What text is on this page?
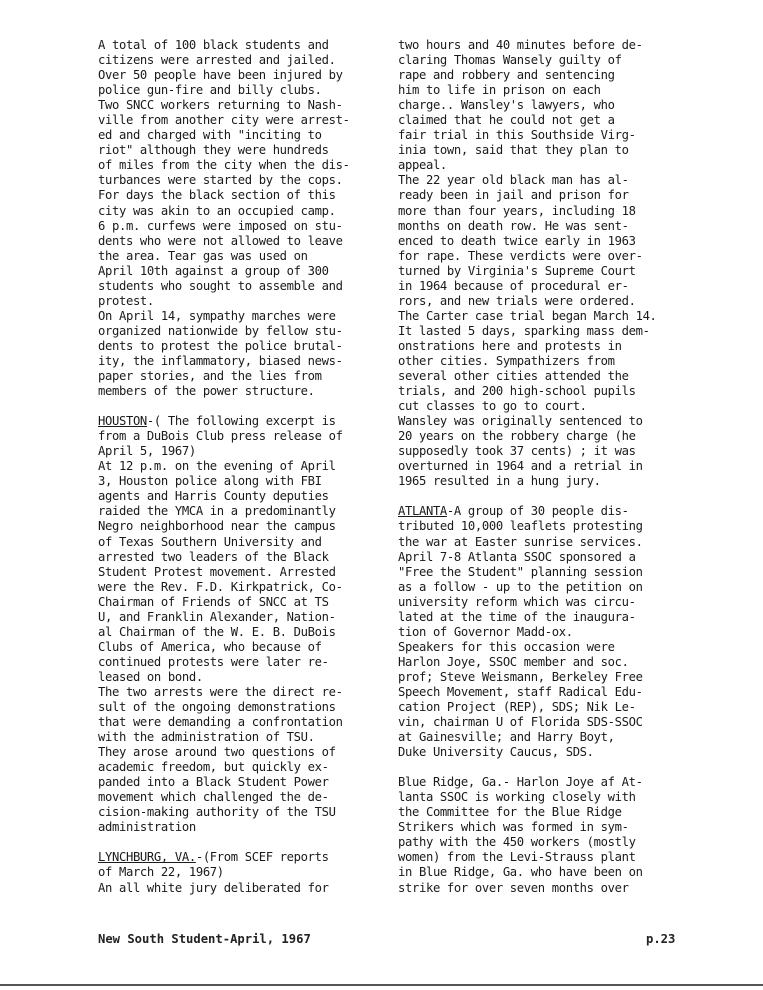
A total of 100 black students and

citizens were arrested and jailed.

Over 50 people have been injured by

police gun-fire and billy clubs.

Two SNCC workers returning to Nash-

ville from another city were arrest-

ed and charged with "inciting to

riot" although they were hundreds

of miles from the city when the dis-

turbances were started by the cops.

For days the black section of this

city was akin to an occupied camp.

6 p.m. curfews were imposed on stu-

dents who were not allowed to leave

the area. Tear gas was used on

April 10th against a group of 300

students who sought to assemble and

protest.

On April 14, sympathy marches were

organized nationwide by fellow stu-

dents to protest the police brutal-

ity, the inflammatory, biased news-

paper stories, and the lies from

members of the power structure.

HOUSTON-( The following excerpt is

from a DuBois Club press release of

April 5, 1967)

At 12 p.m. on the evening of April

3, Houston police along with FBI

agents and Harris County deputies

raided the YMCA in a predominantly

Negro neighborhood near the campus

of Texas Southern University and

arrested two leaders of the Black

Student Protest movement. Arrested

were the Rev. F.D. Kirkpatrick, Co-

Chairman of Friends of SNCC at TS

U, and Franklin Alexander, Nation-

al Chairman of the W. E. B. DuBois

Clubs of America, who because of

continued protests were later re-

leased on bond.

The two arrests were the direct re-

sult of the ongoing demonstrations

that were demanding a confrontation

with the administration of TSU.

They arose around two questions of

academic freedom, but quickly ex-

panded into a Black Student Power

movement which challenged the de-

cision-making authority of the TSU

administration

LYNCHBURG, VA.-(From SCEF reports

of March 22, 1967)

An all white jury deliberated for

two hours and 40 minutes before de-

claring Thomas Wansely guilty of

rape and robbery and sentencing

him to life in prison on each

charge.. Wansley's lawyers, who

claimed that he could not get a

fair trial in this Southside Virg-

inia town, said that they plan to

appeal.

The 22 year old black man has al-

ready been in jail and prison for

more than four years, including 18

months on death row. He was sent-

enced to death twice early in 1963

for rape. These verdicts were over-

turned by Virginia's Supreme Court

in 1964 because of procedural er-

rors, and new trials were ordered.

The Carter case trial began March 14.

It lasted 5 days, sparking mass dem-

onstrations here and protests in

other cities. Sympathizers from

several other cities attended the

trials, and 200 high-school pupils

cut classes to go to court.

Wansley was originally sentenced to

20 years on the robbery charge (he

supposedly took 37 cents) ; it was

overturned in 1964 and a retrial in

1965 resulted in a hung jury.

ATLANTA-A group of 30 people dis-

tributed 10,000 leaflets protesting

the war at Easter sunrise services.

April 7-8 Atlanta SSOC sponsored a

"Free the Student" planning session

as a follow - up to the petition on

university reform which was circu-

lated at the time of the inaugura-

tion of Governor Madd-ox.

Speakers for this occasion were

Harlon Joye, SSOC member and soc.

prof; Steve Weismann, Berkeley Free

Speech Movement, staff Radical Edu-

cation Project (REP), SDS; Nik Le-

vin, chairman U of Florida SDS-SSOC

at Gainesville; and Harry Boyt,

Duke University Caucus, SDS.

Blue Ridge, Ga.- Harlon Joye af At-

lanta SSOC is working closely with

the Committee for the Blue Ridge

Strikers which was formed in sym-

pathy with the 450 workers (mostly

women) from the Levi-Strauss plant

in Blue Ridge, Ga. who have been on

strike for over seven months over

New South Student-April, 1967	p.23
